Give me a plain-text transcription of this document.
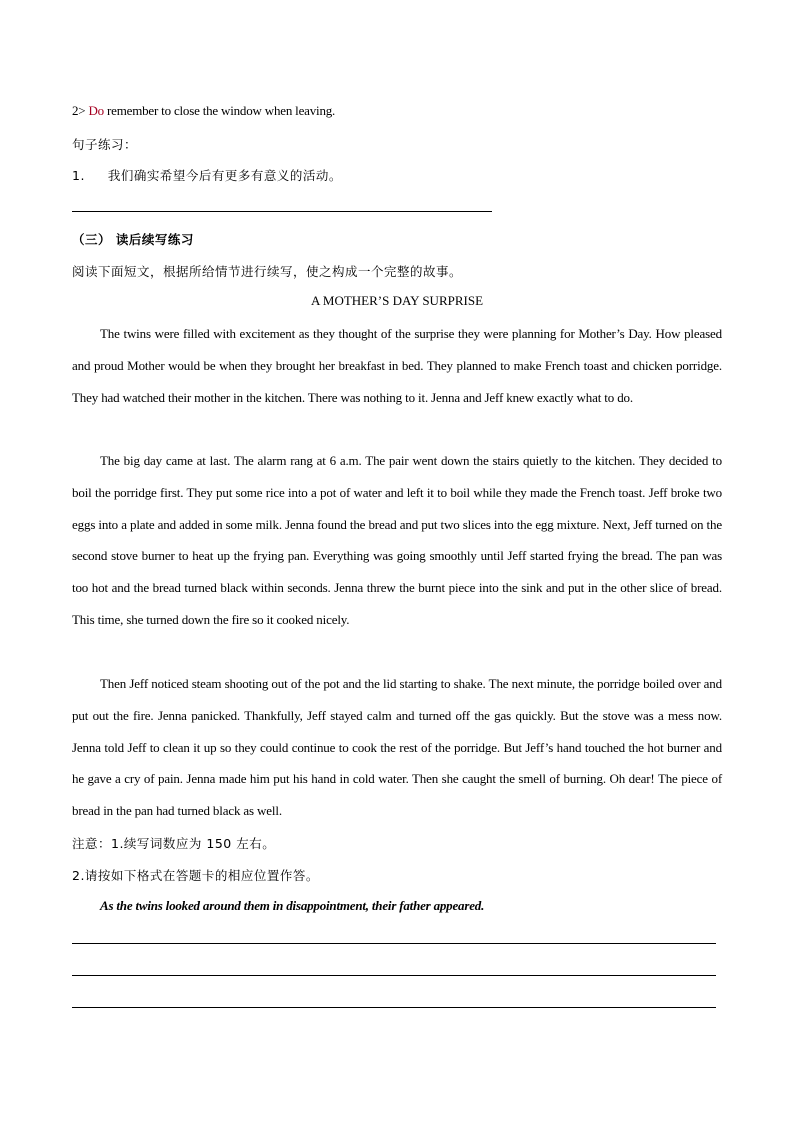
2> Do remember to close the window when leaving.
句子练习：
1. 我们确实希望今后有更多有意义的活动。
（三） 读后续写练习
阅读下面短文，根据所给情节进行续写，使之构成一个完整的故事。
A MOTHER’S DAY SURPRISE
The twins were filled with excitement as they thought of the surprise they were planning for Mother’s Day. How pleased and proud Mother would be when they brought her breakfast in bed. They planned to make French toast and chicken porridge. They had watched their mother in the kitchen. There was nothing to it. Jenna and Jeff knew exactly what to do.
The big day came at last. The alarm rang at 6 a.m. The pair went down the stairs quietly to the kitchen. They decided to boil the porridge first. They put some rice into a pot of water and left it to boil while they made the French toast. Jeff broke two eggs into a plate and added in some milk. Jenna found the bread and put two slices into the egg mixture. Next, Jeff turned on the second stove burner to heat up the frying pan. Everything was going smoothly until Jeff started frying the bread. The pan was too hot and the bread turned black within seconds. Jenna threw the burnt piece into the sink and put in the other slice of bread. This time, she turned down the fire so it cooked nicely.
Then Jeff noticed steam shooting out of the pot and the lid starting to shake. The next minute, the porridge boiled over and put out the fire. Jenna panicked. Thankfully, Jeff stayed calm and turned off the gas quickly. But the stove was a mess now. Jenna told Jeff to clean it up so they could continue to cook the rest of the porridge. But Jeff’s hand touched the hot burner and he gave a cry of pain. Jenna made him put his hand in cold water. Then she caught the smell of burning. Oh dear! The piece of bread in the pan had turned black as well.
注意：1.续写词数应为 150 左右。
2.请按如下格式在答题卡的相应位置作答。
As the twins looked around them in disappointment, their father appeared.
